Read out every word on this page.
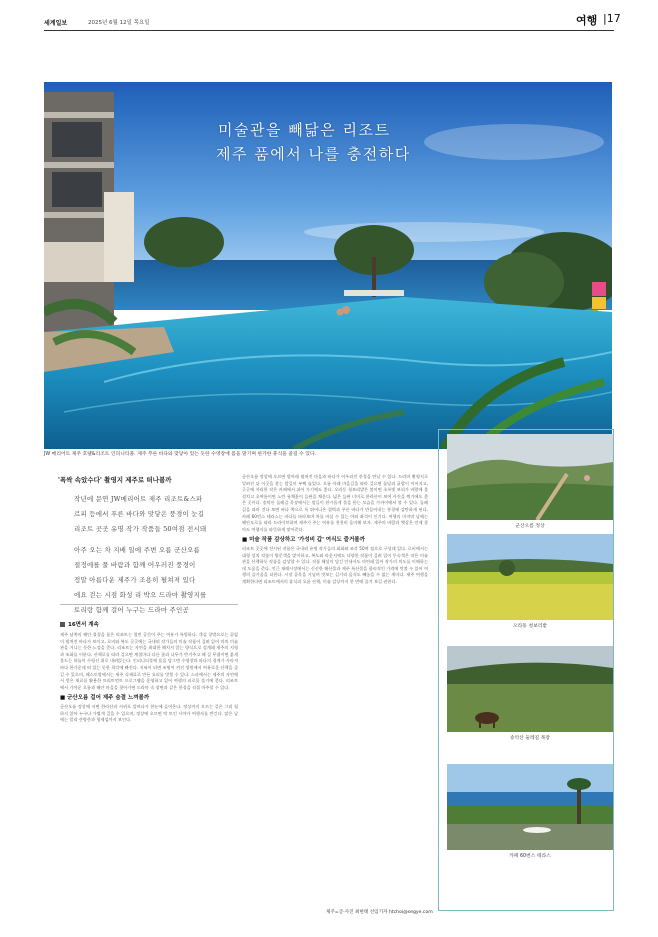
세계일보	2025년 6월 12일 목요일	여행 |17
미술관을 빼닮은 리조트
제주 품에서 나를 충전하다
JW 메리어트 제주 호텔&리조트 인피니티풀. 제주 푸른 바다와 맞닿아 있는 듯한 수영장에 몸을 맡기며 한가한 휴식을 즐길 수 있다.
'폭싹 속았수다' 촬영지 제주로 떠나볼까
작년에 문연 JW메리어트 제주 리조트&스파
르피 등에서 푸른 바다와 맞닿은 풍경이 눈길
리조트 곳곳 유명 작가 작품들 50여점 전시돼
아주 오는 차 지배 일에 주변 오름 군산오름
절정에를 풀 바람과 함께 어우러진 풍경이
정말 아름다운 제주가 조용히 펼쳐져 있다
에요 걷는 시점 화성 리 박으 드라마 촬영지를
토리랑 함께 걸어 누구는 드라마 주인공
16면서 계속
제주 남쪽의 해안 절경을 품은 리조트는 열린 공간이 주는 여유가 특별하다. 객실 창밖으로는 끝없이 펼쳐진 바다가 보이고, 로비와 복도 곳곳에는 국내외 작가들의 미술 작품이 걸려 있어 마치 미술관을 거니는 듯한 느낌을 준다. 리조트는 자연을 최대한 해치지 않는 방식으로 설계돼 제주의 지형과 조화를 이룬다. 산책로를 따라 걸으면 계절마다 다른 꽃과 나무가 반겨주고 해 질 무렵이면 붉게 물드는 하늘이 수평선 위로 내려앉는다. 인피니티풀에 몸을 담그면 수영장과 바다의 경계가 사라져 바다 한가운데 떠 있는 듯한 착각에 빠진다. 저녁이 되면 조명이 켜진 정원에서 여유로운 산책을 즐길 수 있으며, 레스토랑에서는 제주 식재료로 만든 요리를 맛볼 수 있다. 스파에서는 제주의 자연에서 얻은 재료를 활용한 트리트먼트 프로그램을 운영하고 있어 여행의 피로를 풀기에 좋다. 리조트에서 가까운 오름과 해안 마을을 찾아가면 드라마 속 장면과 같은 풍경을 직접 마주할 수 있다.
■ 군산오름 걸어 제주 숨결 느껴볼까
군산오름 정상에 서면 한라산과 서귀포 앞바다가 한눈에 들어온다. 정상까지 오르는 길은 그리 험하지 않아 누구나 가볍게 걸을 수 있으며, 정상에 오르면 탁 트인 시야가 여행자를 반긴다. 맑은 날에는 멀리 산방산과 형제섬까지 보인다.
군산오름 정상에 오르면 발아래 펼쳐진 마을과 바다가 어우러진 풍경을 만날 수 있다. 드라마 촬영지로 알려진 뒤 이곳을 찾는 발길이 부쩍 늘었다. 오름 아래 마을길을 따라 걸으면 돌담과 귤밭이 이어지고, 곳곳에 자리한 작은 카페에서 쉬어 가기에도 좋다. 오라동 청보리밭은 봄이면 초록빛 보리가 바람에 물결치고 초여름이면 노란 유채꽃이 들판을 채운다. 넓은 들판 너머로 한라산이 보여 사진을 찍기에도 좋은 곳이다. 송악산 둘레길 목장에서는 말들이 한가롭게 풀을 뜯는 모습을 가까이에서 볼 수 있다. 둘레길을 따라 걷다 보면 바다 쪽으로 툭 튀어나온 절벽과 푸른 바다가 만들어내는 풍경에 감탄하게 된다. 카페 60번스 테라스는 바다를 바라보며 차를 마실 수 있는 야외 좌석이 인기다. 여행의 마지막 날에는 해안도로를 따라 드라이브하며 제주가 주는 여유를 천천히 음미해 보자. 제주의 바람과 햇살은 언제 찾아도 여행자를 따뜻하게 맞아준다.
■ 미술 작품 감상하고 '가성비 갑' 여식도 즐거볼까
리조트 곳곳에 전시된 작품은 국내외 유명 작가들의 회화와 조각 50여 점으로 구성돼 있다. 로비에서는 대형 설치 작품이 방문객을 맞이하고, 복도와 라운지에도 다양한 작품이 걸려 있어 투숙객은 작은 미술관을 산책하듯 작품을 감상할 수 있다. 작품 해설이 담긴 안내서도 마련돼 있어 작가의 의도를 이해하는 데 도움을 준다. 인근 재래시장에서는 신선한 해산물과 제주 특산물을 합리적인 가격에 맛볼 수 있어 여행의 즐거움을 더한다. 시장 골목을 거닐며 맛보는 길거리 음식도 빼놓을 수 없는 재미다. 제주 여행을 계획한다면 리조트에서의 휴식과 오름 산책, 미술 감상까지 한 번에 즐겨 보길 권한다.
제주=글·사진 최현태 선임기자 htchoi@segye.com
군산오름 정상
오라동 청보리밭
송악산 둘레길 목장
카페 60번스 테라스
